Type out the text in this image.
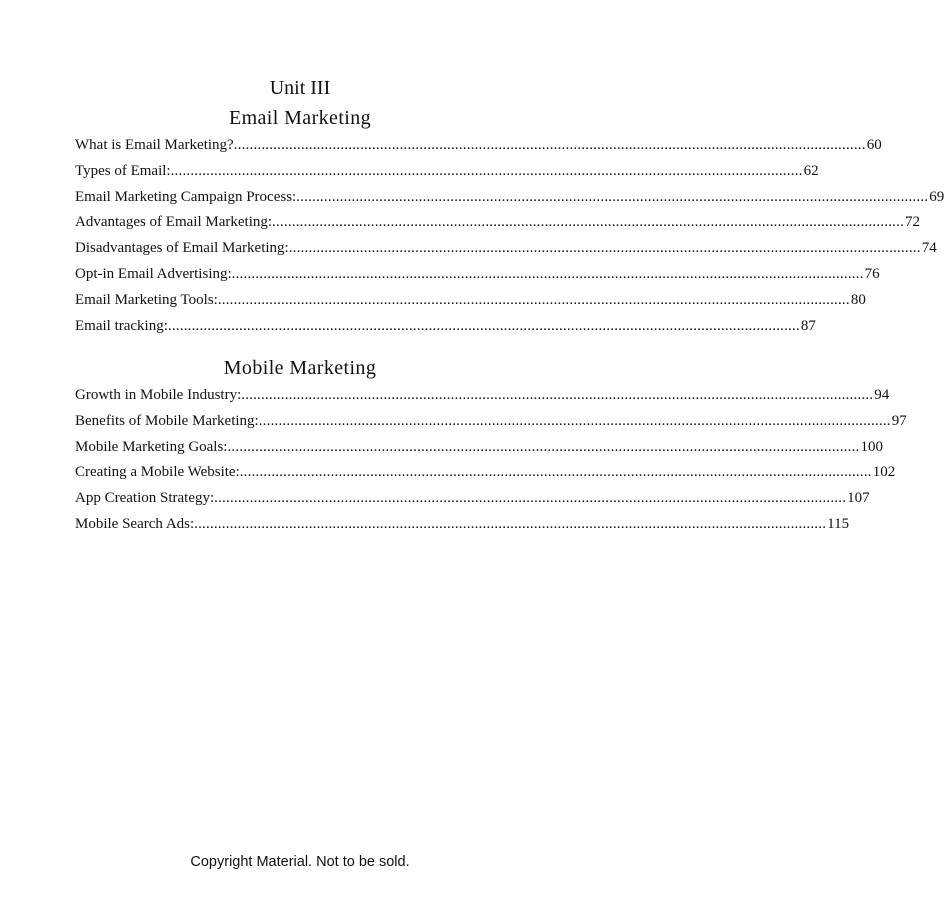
Unit III
Email Marketing
What is Email Marketing? ................................................................................................................................................................ 60
Types of Email: ................................................................................................................................................................ 62
Email Marketing Campaign Process: ................................................................................................................................................................ 69
Advantages of Email Marketing: ................................................................................................................................................................ 72
Disadvantages of Email Marketing: ................................................................................................................................................................ 74
Opt-in Email Advertising: ................................................................................................................................................................ 76
Email Marketing Tools: ................................................................................................................................................................ 80
Email tracking: ................................................................................................................................................................ 87
Mobile Marketing
Growth in Mobile Industry: ................................................................................................................................................................ 94
Benefits of Mobile Marketing: ................................................................................................................................................................ 97
Mobile Marketing Goals: ................................................................................................................................................................ 100
Creating a Mobile Website: ................................................................................................................................................................ 102
App Creation Strategy: ................................................................................................................................................................ 107
Mobile Search Ads: ................................................................................................................................................................ 115
Copyright Material. Not to be sold.
